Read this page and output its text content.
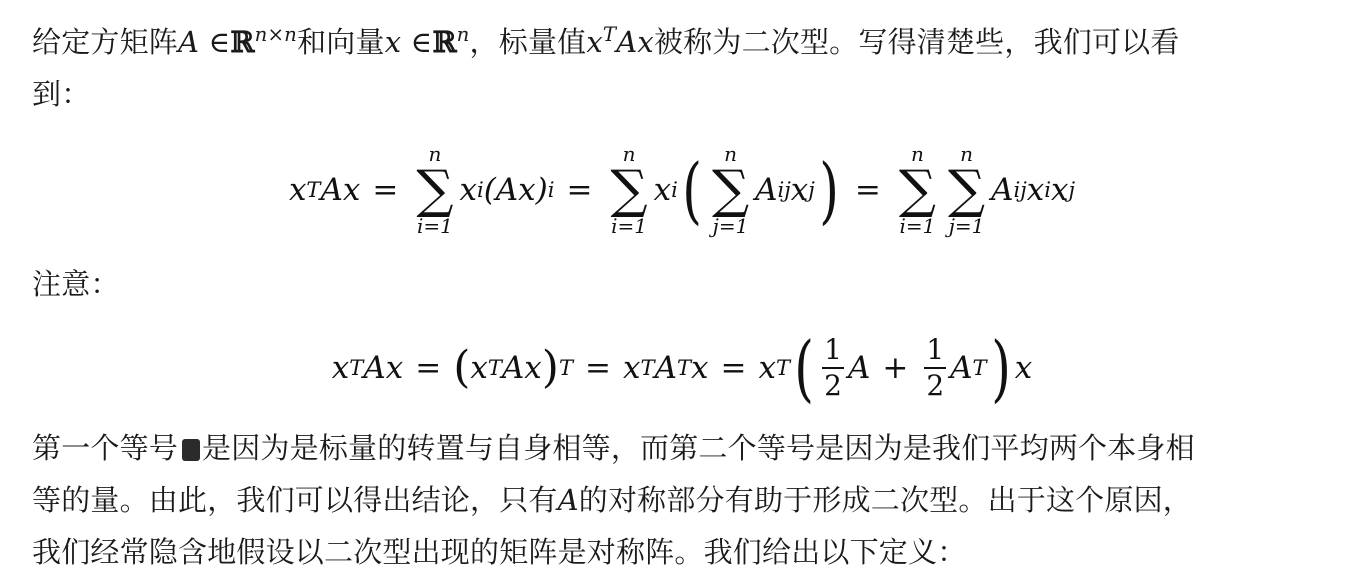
给定方矩阵A ∈ℝ$^{n\times n}$和向量x ∈ℝ$^n$，标量值$x^TAx$被称为二次型。写得清楚些，我们可以看
到：

x T Ax =
n
∑
i=1
x i (Ax) i =
n
∑
i=1
x i ( n
∑
j=1
A ij x j ) =
n
∑
i=1
n
∑
j=1
A ij x i x j

注意：

x T Ax = ( x T Ax ) T = x T A T x = x T ( $\frac{1}{2}$ $A + \frac{1}{2}$ A T ) x

第一个等号 是因为是标量的转置与自身相等，而第二个等号是因为是我们平均两个本身相
等的量。由此，我们可以得出结论，只有A的对称部分有助于形成二次型。出于这个原因，
我们经常隐含地假设以二次型出现的矩阵是对称阵。我们给出以下定义：
